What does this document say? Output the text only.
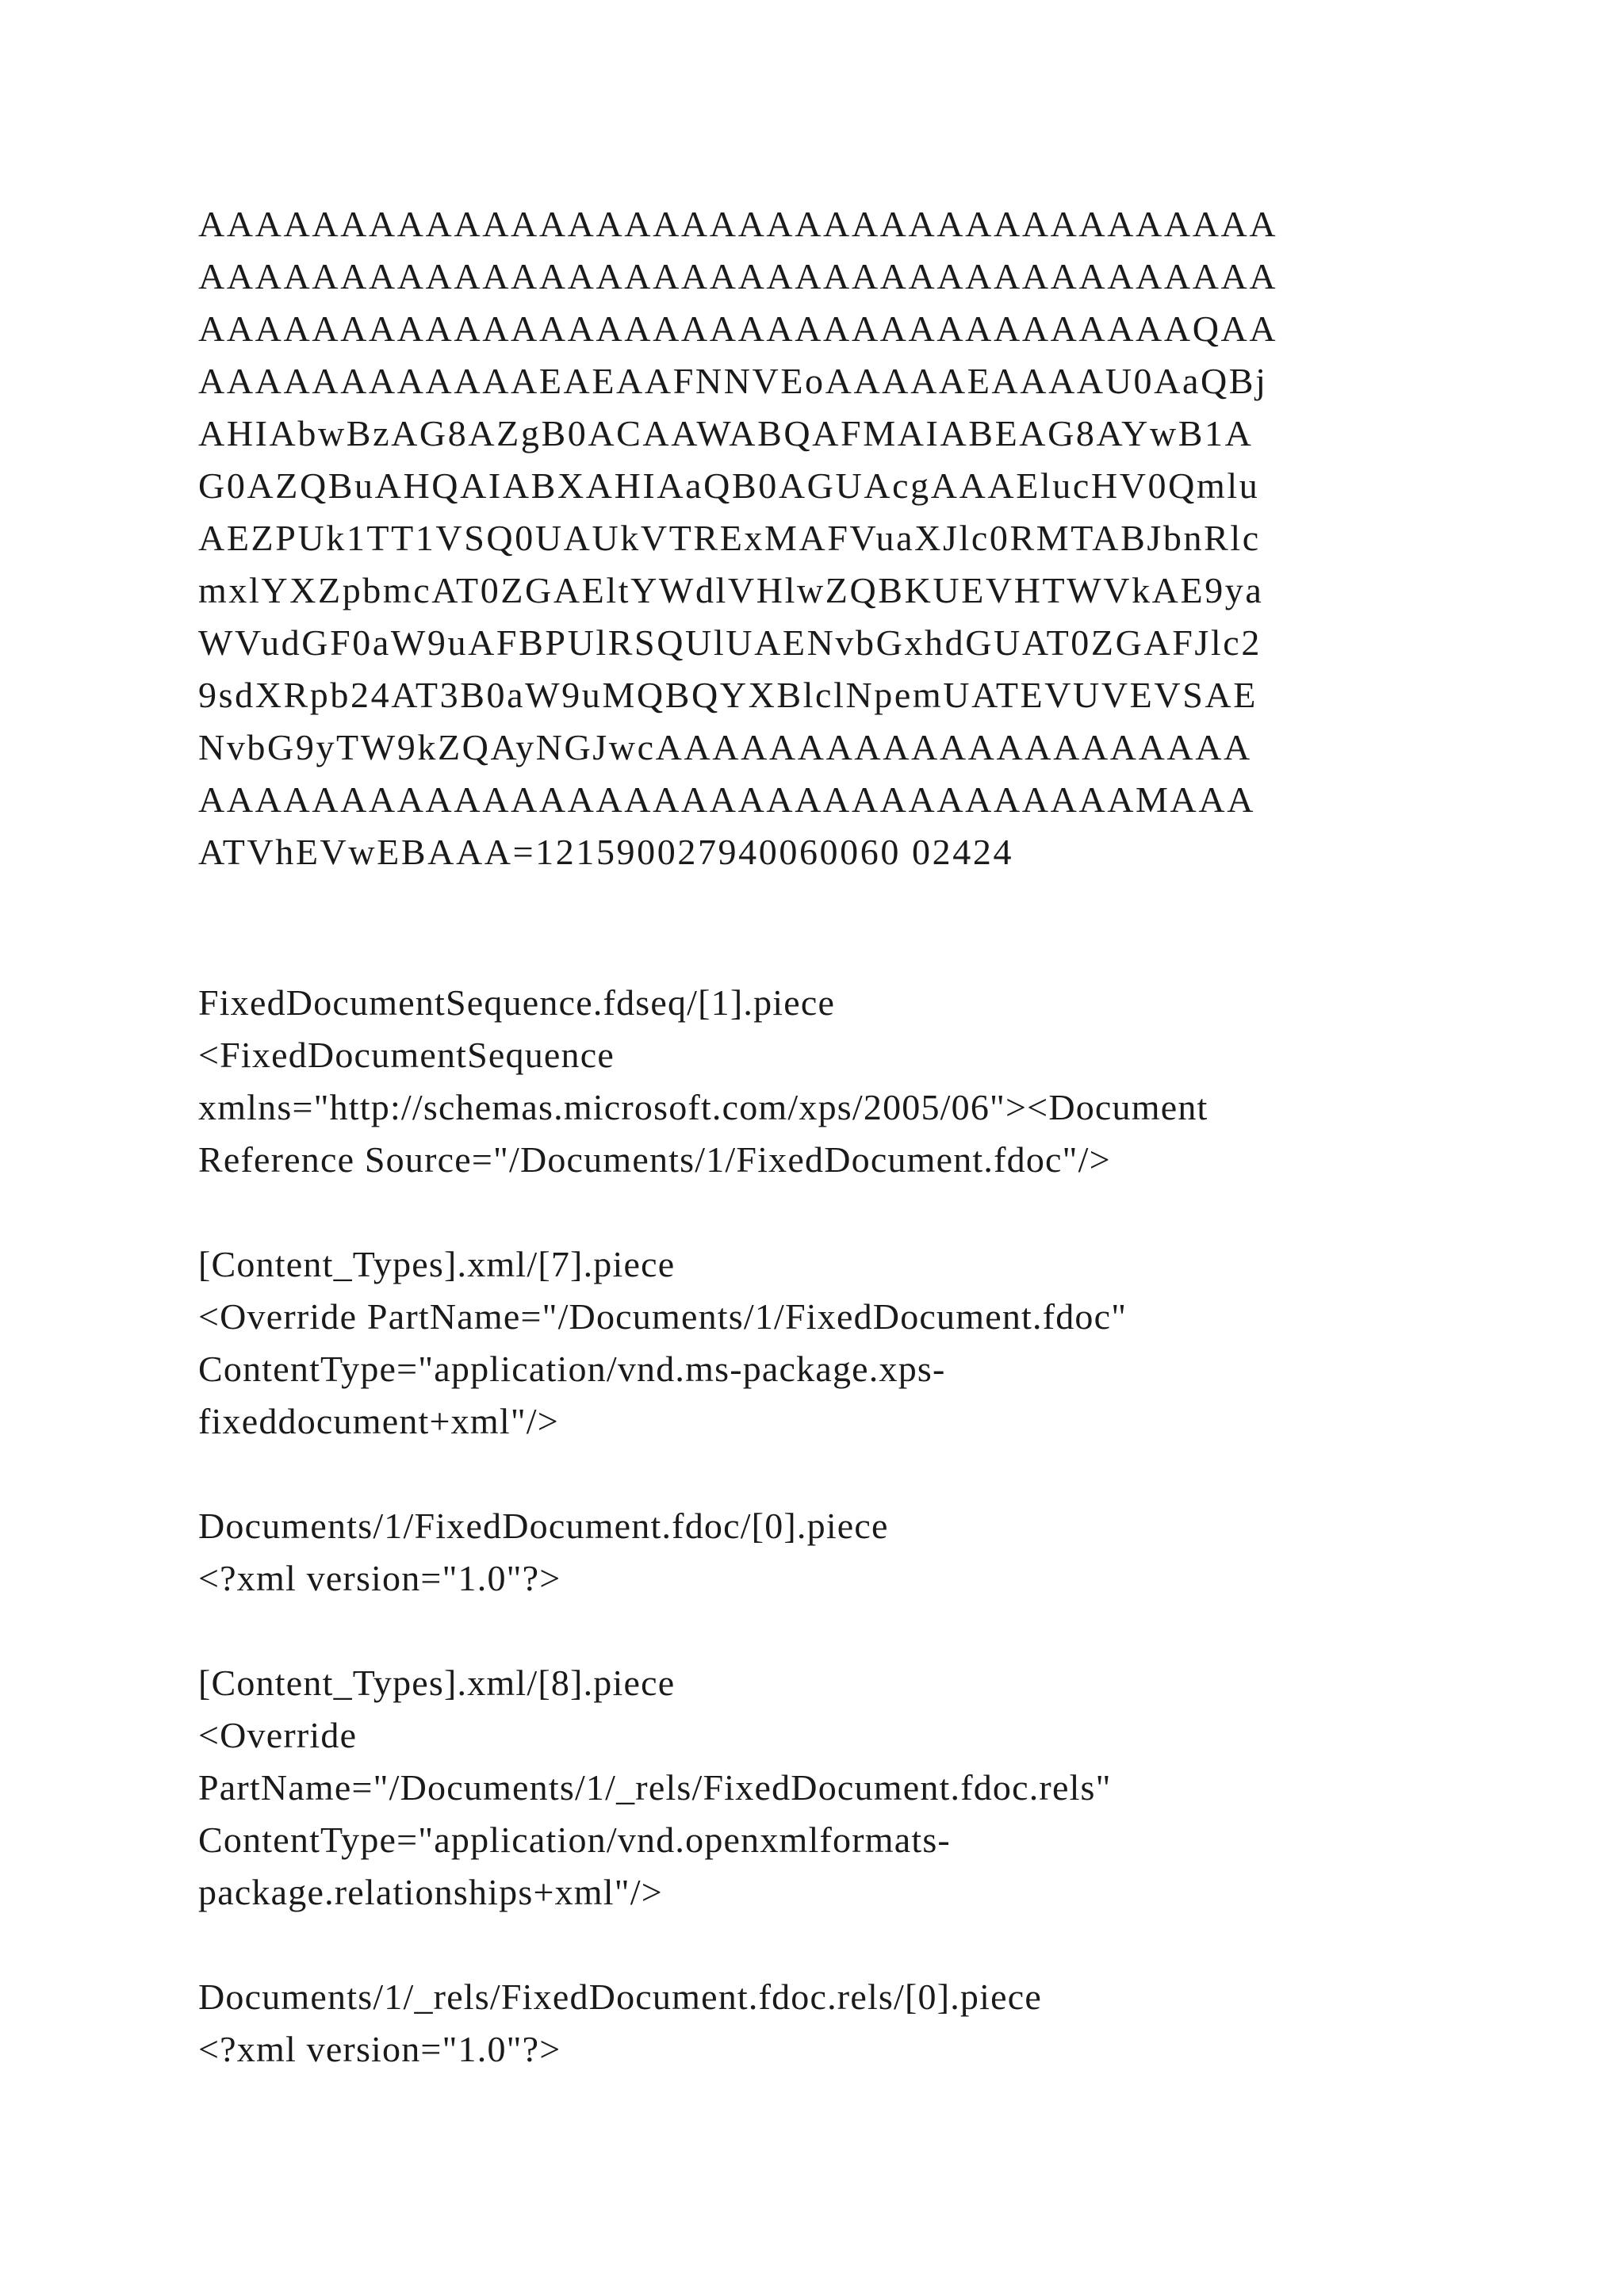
AAAAAAAAAAAAAAAAAAAAAAAAAAAAAAAAAAAAAA
AAAAAAAAAAAAAAAAAAAAAAAAAAAAAAAAAAAAAA
AAAAAAAAAAAAAAAAAAAAAAAAAAAAAAAAAAAQAA
AAAAAAAAAAAAEAEAAFNNVEoAAAAAEAAAAU0AaQBj
AHIAbwBzAG8AZgB0ACAAWABQAFMAIABEAG8AYwB1A
G0AZQBuAHQAIABXAHIAaQB0AGUAcgAAAElucHV0Qmlu
AEZPUk1TT1VSQ0UAUkVTRExMAFVuaXJlc0RMTABJbnRlc
mxlYXZpbmcAT0ZGAEltYWdlVHlwZQBKUEVHTWVkAE9ya
WVudGF0aW9uAFBPUlRSQUlUAENvbGxhdGUAT0ZGAFJlc2
9sdXRpb24AT3B0aW9uMQBQYXBlclNpemUATEVUVEVSAE
NvbG9yTW9kZQAyNGJwcAAAAAAAAAAAAAAAAAAAAA
AAAAAAAAAAAAAAAAAAAAAAAAAAAAAAAAAMAAA
ATVhEVwEBAAA=121590027940060060 02424
FixedDocumentSequence.fdseq/[1].piece
<FixedDocumentSequence
xmlns="http://schemas.microsoft.com/xps/2005/06"><Document
Reference Source="/Documents/1/FixedDocument.fdoc"/>
[Content_Types].xml/[7].piece
<Override PartName="/Documents/1/FixedDocument.fdoc"
ContentType="application/vnd.ms-package.xps-
fixeddocument+xml"/>
Documents/1/FixedDocument.fdoc/[0].piece
<?xml version="1.0"?>
[Content_Types].xml/[8].piece
<Override
PartName="/Documents/1/_rels/FixedDocument.fdoc.rels"
ContentType="application/vnd.openxmlformats-
package.relationships+xml"/>
Documents/1/_rels/FixedDocument.fdoc.rels/[0].piece
<?xml version="1.0"?>
